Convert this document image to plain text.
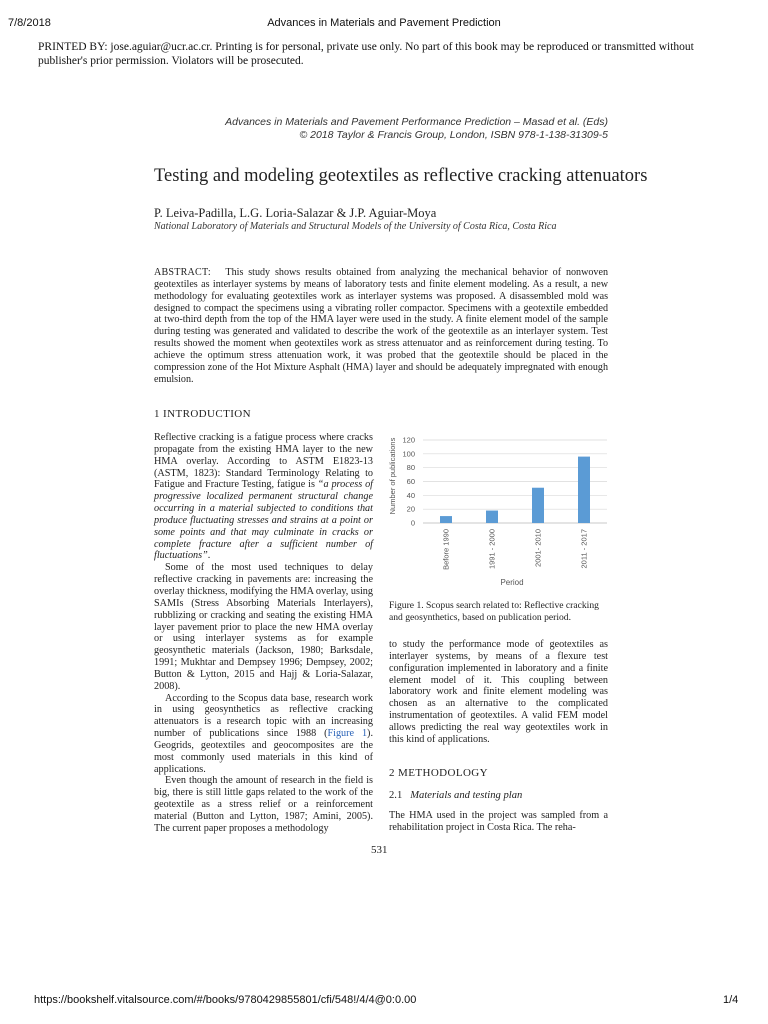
7/8/2018	Advances in Materials and Pavement Prediction
PRINTED BY: jose.aguiar@ucr.ac.cr. Printing is for personal, private use only. No part of this book may be reproduced or transmitted without publisher's prior permission. Violators will be prosecuted.
Advances in Materials and Pavement Performance Prediction – Masad et al. (Eds)
© 2018 Taylor & Francis Group, London, ISBN 978-1-138-31309-5
Testing and modeling geotextiles as reflective cracking attenuators
P. Leiva-Padilla, L.G. Loria-Salazar & J.P. Aguiar-Moya
National Laboratory of Materials and Structural Models of the University of Costa Rica, Costa Rica
ABSTRACT: This study shows results obtained from analyzing the mechanical behavior of nonwoven geotextiles as interlayer systems by means of laboratory tests and finite element modeling. As a result, a new methodology for evaluating geotextiles work as interlayer systems was proposed. A disassembled mold was designed to compact the specimens using a vibrating roller compactor. Specimens with a geotextile embedded at two-third depth from the top of the HMA layer were used in the study. A finite element model of the sample during testing was generated and validated to describe the work of the geotextile as an interlayer system. Test results showed the moment when geotextiles work as stress attenuator and as reinforcement during testing. To achieve the optimum stress attenuation work, it was probed that the geotextile should be placed in the compression zone of the Hot Mixture Asphalt (HMA) layer and should be adequately impregnated with enough emulsion.
1 INTRODUCTION

Reflective cracking is a fatigue process where cracks propagate from the existing HMA layer to the new HMA overlay. According to ASTM E1823-13 (ASTM, 1823): Standard Terminology Relating to Fatigue and Fracture Testing, fatigue is “a process of progressive localized permanent structural change occurring in a material subjected to conditions that produce fluctuating stresses and strains at a point or some points and that may culminate in cracks or complete fracture after a sufficient number of fluctuations”.

Some of the most used techniques to delay reflective cracking in pavements are: increasing the overlay thickness, modifying the HMA overlay, using SAMIs (Stress Absorbing Materials Interlayers), rubblizing or cracking and seating the existing HMA layer pavement prior to place the new HMA overlay or using interlayer systems as for example geosynthetic materials (Jackson, 1980; Barksdale, 1991; Mukhtar and Dempsey 1996; Dempsey, 2002; Button & Lytton, 2015 and Hajj & Loria-Salazar, 2008).

According to the Scopus data base, research work in using geosynthetics as reflective cracking attenuators is a research topic with an increasing number of publications since 1988 (Figure 1). Geogrids, geotextiles and geocomposites are the most commonly used materials in this kind of applications.

Even though the amount of research in the field is big, there is still little gaps related to the work of the geotextile as a stress relief or a reinforcement material (Button and Lytton, 1987; Amini, 2005). The current paper proposes a methodology

0
20
40
60
80
100
120
Before 1990	1991 - 2000	2001- 2010	2011 - 2017
Number of publications
Period
Figure 1. Scopus search related to: Reflective cracking and geosynthetics, based on publication period.
to study the performance mode of geotextiles as interlayer systems, by means of a flexure test configuration implemented in laboratory and a finite element model of it. This coupling between laboratory work and finite element modeling was chosen as an alternative to the complicated instrumentation of geotextiles. A valid FEM model allows predicting the real way geotextiles work in this kind of applications.
2 METHODOLOGY
2.1 Materials and testing plan
The HMA used in the project was sampled from a rehabilitation project in Costa Rica. The reha-
531
https://bookshelf.vitalsource.com/#/books/9780429855801/cfi/548!/4/4@0:0.00	1/4
